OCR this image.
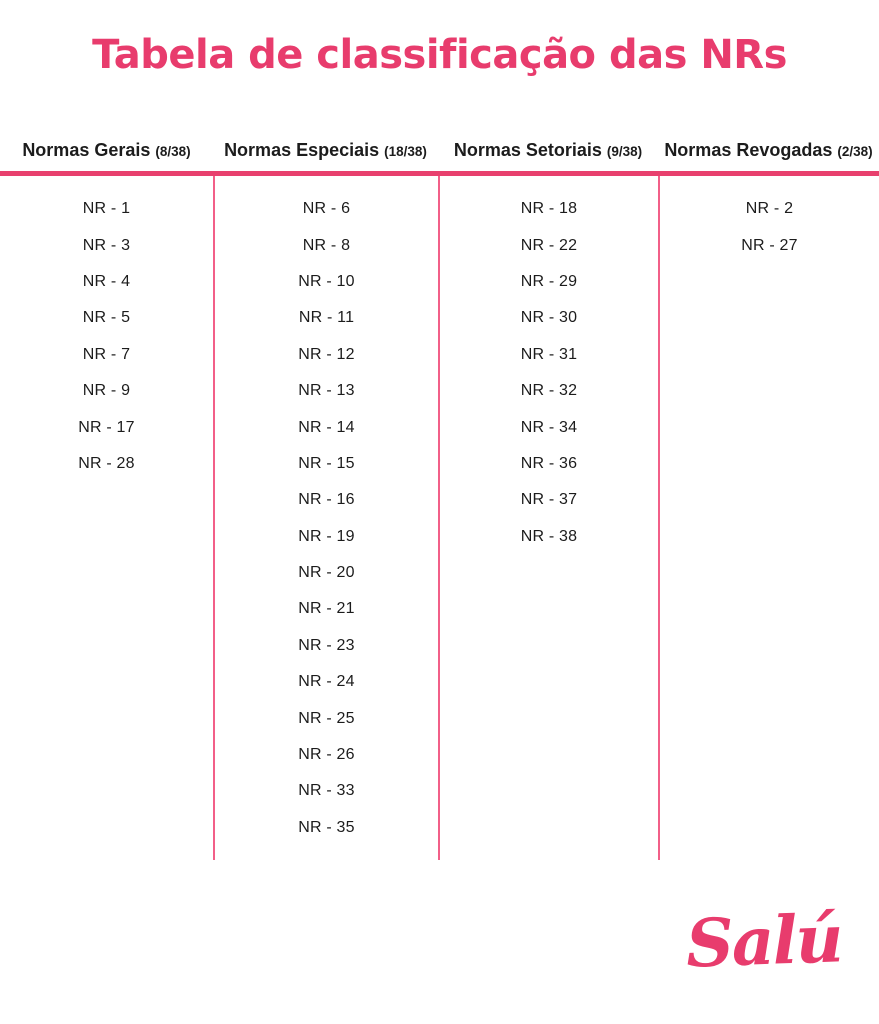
Tabela de classificação das NRs
Normas Gerais (8/38) Normas Especiais (18/38) Normas Setoriais (9/38) Normas Revogadas (2/38)
NR - 1
NR - 3
NR - 4
NR - 5
NR - 7
NR - 9
NR - 17
NR - 28
NR - 6
NR - 8
NR - 10
NR - 11
NR - 12
NR - 13
NR - 14
NR - 15
NR - 16
NR - 19
NR - 20
NR - 21
NR - 23
NR - 24
NR - 25
NR - 26
NR - 33
NR - 35
NR - 18
NR - 22
NR - 29
NR - 30
NR - 31
NR - 32
NR - 34
NR - 36
NR - 37
NR - 38
NR - 2
NR - 27
Salú
